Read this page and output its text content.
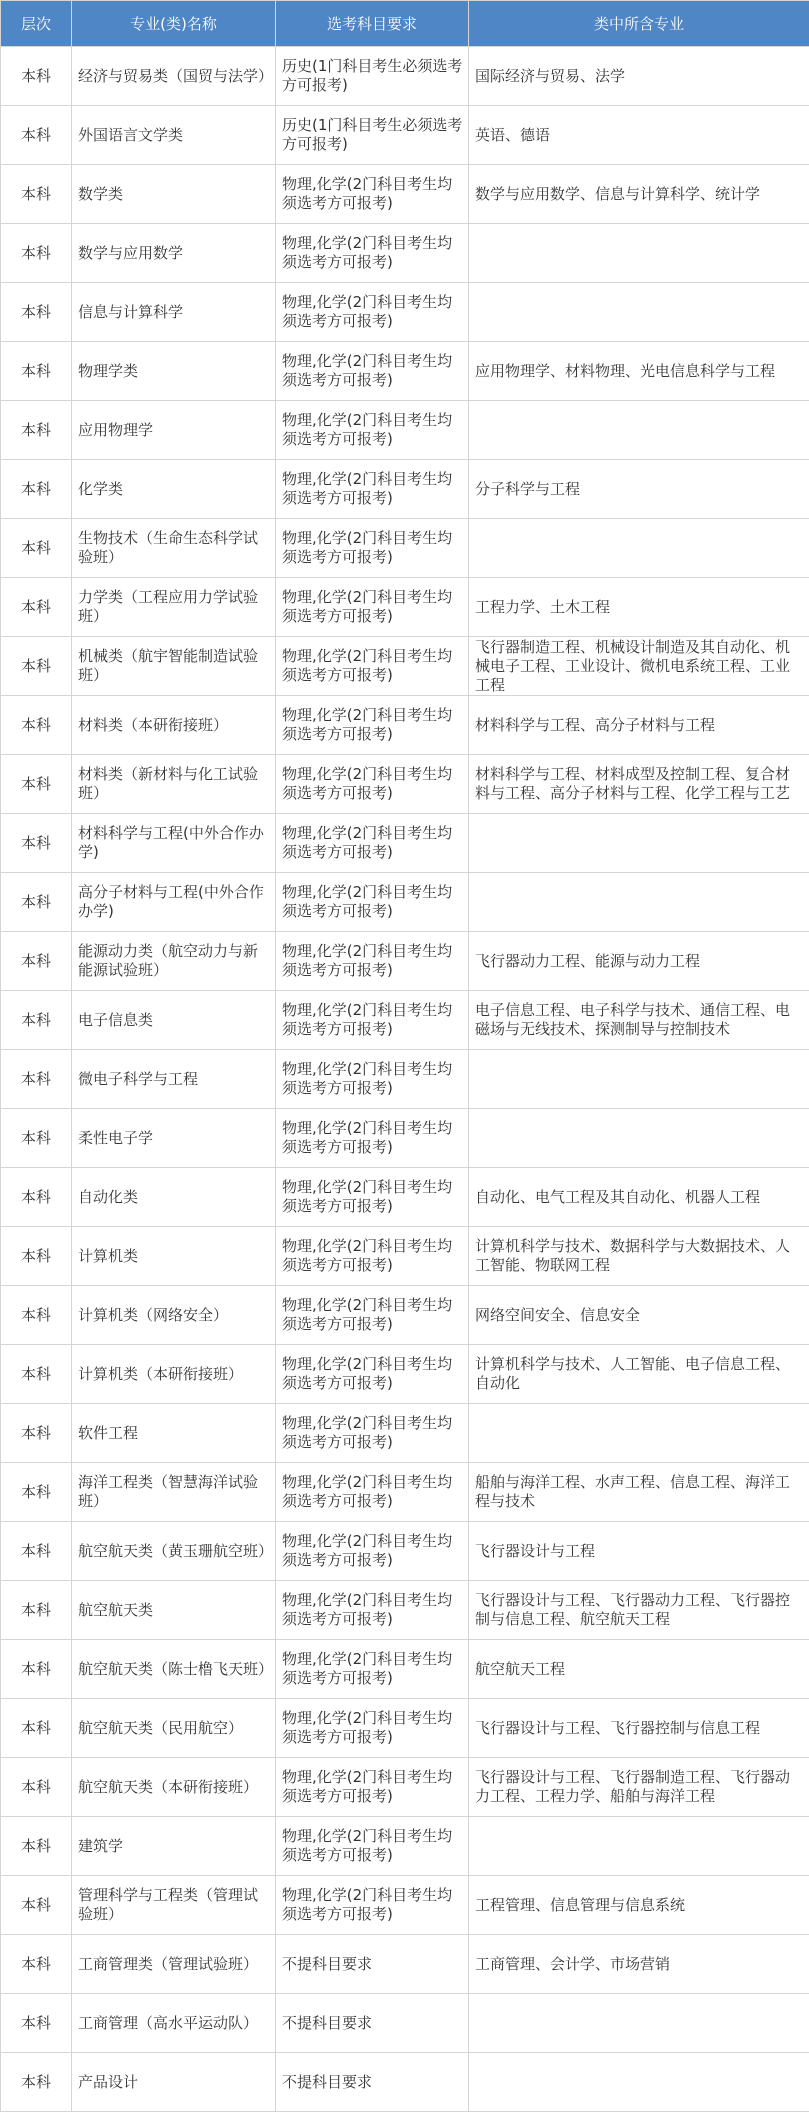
层次	专业(类)名称	选考科目要求	类中所含专业
本科	经济与贸易类（国贸与法学）	历史(1门科目考生必须选考方可报考)	国际经济与贸易、法学
本科	外国语言文学类	历史(1门科目考生必须选考方可报考)	英语、德语
本科	数学类	物理,化学(2门科目考生均须选考方可报考)	数学与应用数学、信息与计算科学、统计学
本科	数学与应用数学	物理,化学(2门科目考生均须选考方可报考)	
本科	信息与计算科学	物理,化学(2门科目考生均须选考方可报考)	
本科	物理学类	物理,化学(2门科目考生均须选考方可报考)	应用物理学、材料物理、光电信息科学与工程
本科	应用物理学	物理,化学(2门科目考生均须选考方可报考)	
本科	化学类	物理,化学(2门科目考生均须选考方可报考)	分子科学与工程
本科	生物技术（生命生态科学试验班）	物理,化学(2门科目考生均须选考方可报考)	
本科	力学类（工程应用力学试验班）	物理,化学(2门科目考生均须选考方可报考)	工程力学、土木工程
本科	机械类（航宇智能制造试验班）	物理,化学(2门科目考生均须选考方可报考)	飞行器制造工程、机械设计制造及其自动化、机械电子工程、工业设计、微机电系统工程、工业工程
本科	材料类（本研衔接班）	物理,化学(2门科目考生均须选考方可报考)	材料科学与工程、高分子材料与工程
本科	材料类（新材料与化工试验班）	物理,化学(2门科目考生均须选考方可报考)	材料科学与工程、材料成型及控制工程、复合材料与工程、高分子材料与工程、化学工程与工艺
本科	材料科学与工程(中外合作办学)	物理,化学(2门科目考生均须选考方可报考)	
本科	高分子材料与工程(中外合作办学)	物理,化学(2门科目考生均须选考方可报考)	
本科	能源动力类（航空动力与新能源试验班）	物理,化学(2门科目考生均须选考方可报考)	飞行器动力工程、能源与动力工程
本科	电子信息类	物理,化学(2门科目考生均须选考方可报考)	电子信息工程、电子科学与技术、通信工程、电磁场与无线技术、探测制导与控制技术
本科	微电子科学与工程	物理,化学(2门科目考生均须选考方可报考)	
本科	柔性电子学	物理,化学(2门科目考生均须选考方可报考)	
本科	自动化类	物理,化学(2门科目考生均须选考方可报考)	自动化、电气工程及其自动化、机器人工程
本科	计算机类	物理,化学(2门科目考生均须选考方可报考)	计算机科学与技术、数据科学与大数据技术、人工智能、物联网工程
本科	计算机类（网络安全）	物理,化学(2门科目考生均须选考方可报考)	网络空间安全、信息安全
本科	计算机类（本研衔接班）	物理,化学(2门科目考生均须选考方可报考)	计算机科学与技术、人工智能、电子信息工程、自动化
本科	软件工程	物理,化学(2门科目考生均须选考方可报考)	
本科	海洋工程类（智慧海洋试验班）	物理,化学(2门科目考生均须选考方可报考)	船舶与海洋工程、水声工程、信息工程、海洋工程与技术
本科	航空航天类（黄玉珊航空班）	物理,化学(2门科目考生均须选考方可报考)	飞行器设计与工程
本科	航空航天类	物理,化学(2门科目考生均须选考方可报考)	飞行器设计与工程、飞行器动力工程、飞行器控制与信息工程、航空航天工程
本科	航空航天类（陈士橹飞天班）	物理,化学(2门科目考生均须选考方可报考)	航空航天工程
本科	航空航天类（民用航空）	物理,化学(2门科目考生均须选考方可报考)	飞行器设计与工程、飞行器控制与信息工程
本科	航空航天类（本研衔接班）	物理,化学(2门科目考生均须选考方可报考)	飞行器设计与工程、飞行器制造工程、飞行器动力工程、工程力学、船舶与海洋工程
本科	建筑学	物理,化学(2门科目考生均须选考方可报考)	
本科	管理科学与工程类（管理试验班）	物理,化学(2门科目考生均须选考方可报考)	工程管理、信息管理与信息系统
本科	工商管理类（管理试验班）	不提科目要求	工商管理、会计学、市场营销
本科	工商管理（高水平运动队）	不提科目要求	
本科	产品设计	不提科目要求	
